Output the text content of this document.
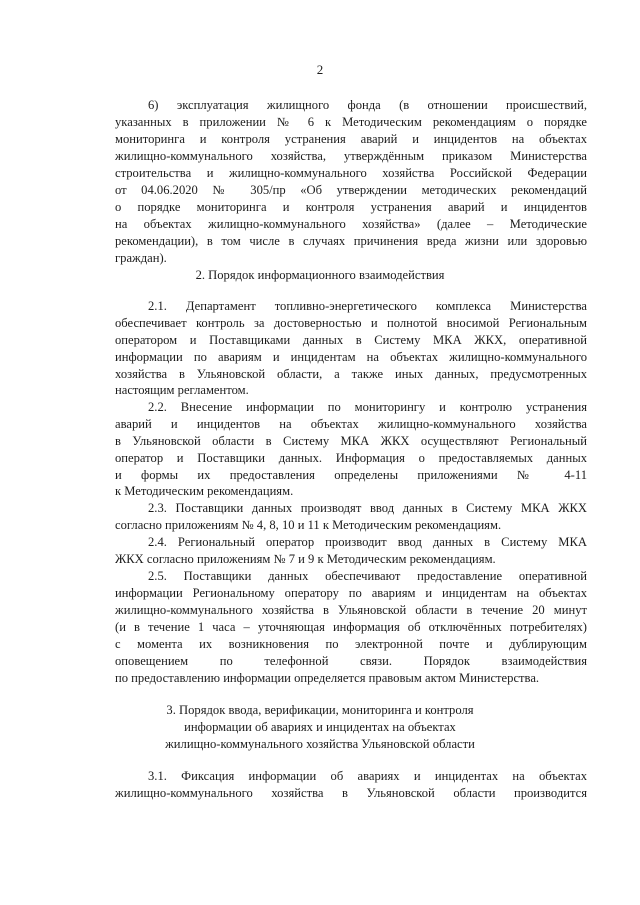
2
6) эксплуатация жилищного фонда (в отношении происшествий,
указанных в приложении № 6 к Методическим рекомендациям о порядке
мониторинга и контроля устранения аварий и инцидентов на объектах
жилищно-коммунального хозяйства, утверждённым приказом Министерства
строительства и жилищно-коммунального хозяйства Российской Федерации
от 04.06.2020 № 305/пр «Об утверждении методических рекомендаций
о порядке мониторинга и контроля устранения аварий и инцидентов
на объектах жилищно-коммунального хозяйства» (далее – Методические
рекомендации), в том числе в случаях причинения вреда жизни или здоровью
граждан).
2. Порядок информационного взаимодействия
2.1. Департамент топливно-энергетического комплекса Министерства
обеспечивает контроль за достоверностью и полнотой вносимой Региональным
оператором и Поставщиками данных в Систему МКА ЖКХ, оперативной
информации по авариям и инцидентам на объектах жилищно-коммунального
хозяйства в Ульяновской области, а также иных данных, предусмотренных
настоящим регламентом.
2.2. Внесение информации по мониторингу и контролю устранения
аварий и инцидентов на объектах жилищно-коммунального хозяйства
в Ульяновской области в Систему МКА ЖКХ осуществляют Региональный
оператор и Поставщики данных. Информация о предоставляемых данных
и формы их предоставления определены приложениями № 4-11
к Методическим рекомендациям.
2.3. Поставщики данных производят ввод данных в Систему МКА ЖКХ
согласно приложениям № 4, 8, 10 и 11 к Методическим рекомендациям.
2.4. Региональный оператор производит ввод данных в Систему МКА
ЖКХ согласно приложениям № 7 и 9 к Методическим рекомендациям.
2.5. Поставщики данных обеспечивают предоставление оперативной
информации Региональному оператору по авариям и инцидентам на объектах
жилищно-коммунального хозяйства в Ульяновской области в течение 20 минут
(и в течение 1 часа – уточняющая информация об отключённых потребителях)
с момента их возникновения по электронной почте и дублирующим
оповещением по телефонной связи. Порядок взаимодействия
по предоставлению информации определяется правовым актом Министерства.
3. Порядок ввода, верификации, мониторинга и контроля
информации об авариях и инцидентах на объектах
жилищно-коммунального хозяйства Ульяновской области
3.1. Фиксация информации об авариях и инцидентах на объектах
жилищно-коммунального хозяйства в Ульяновской области производится
